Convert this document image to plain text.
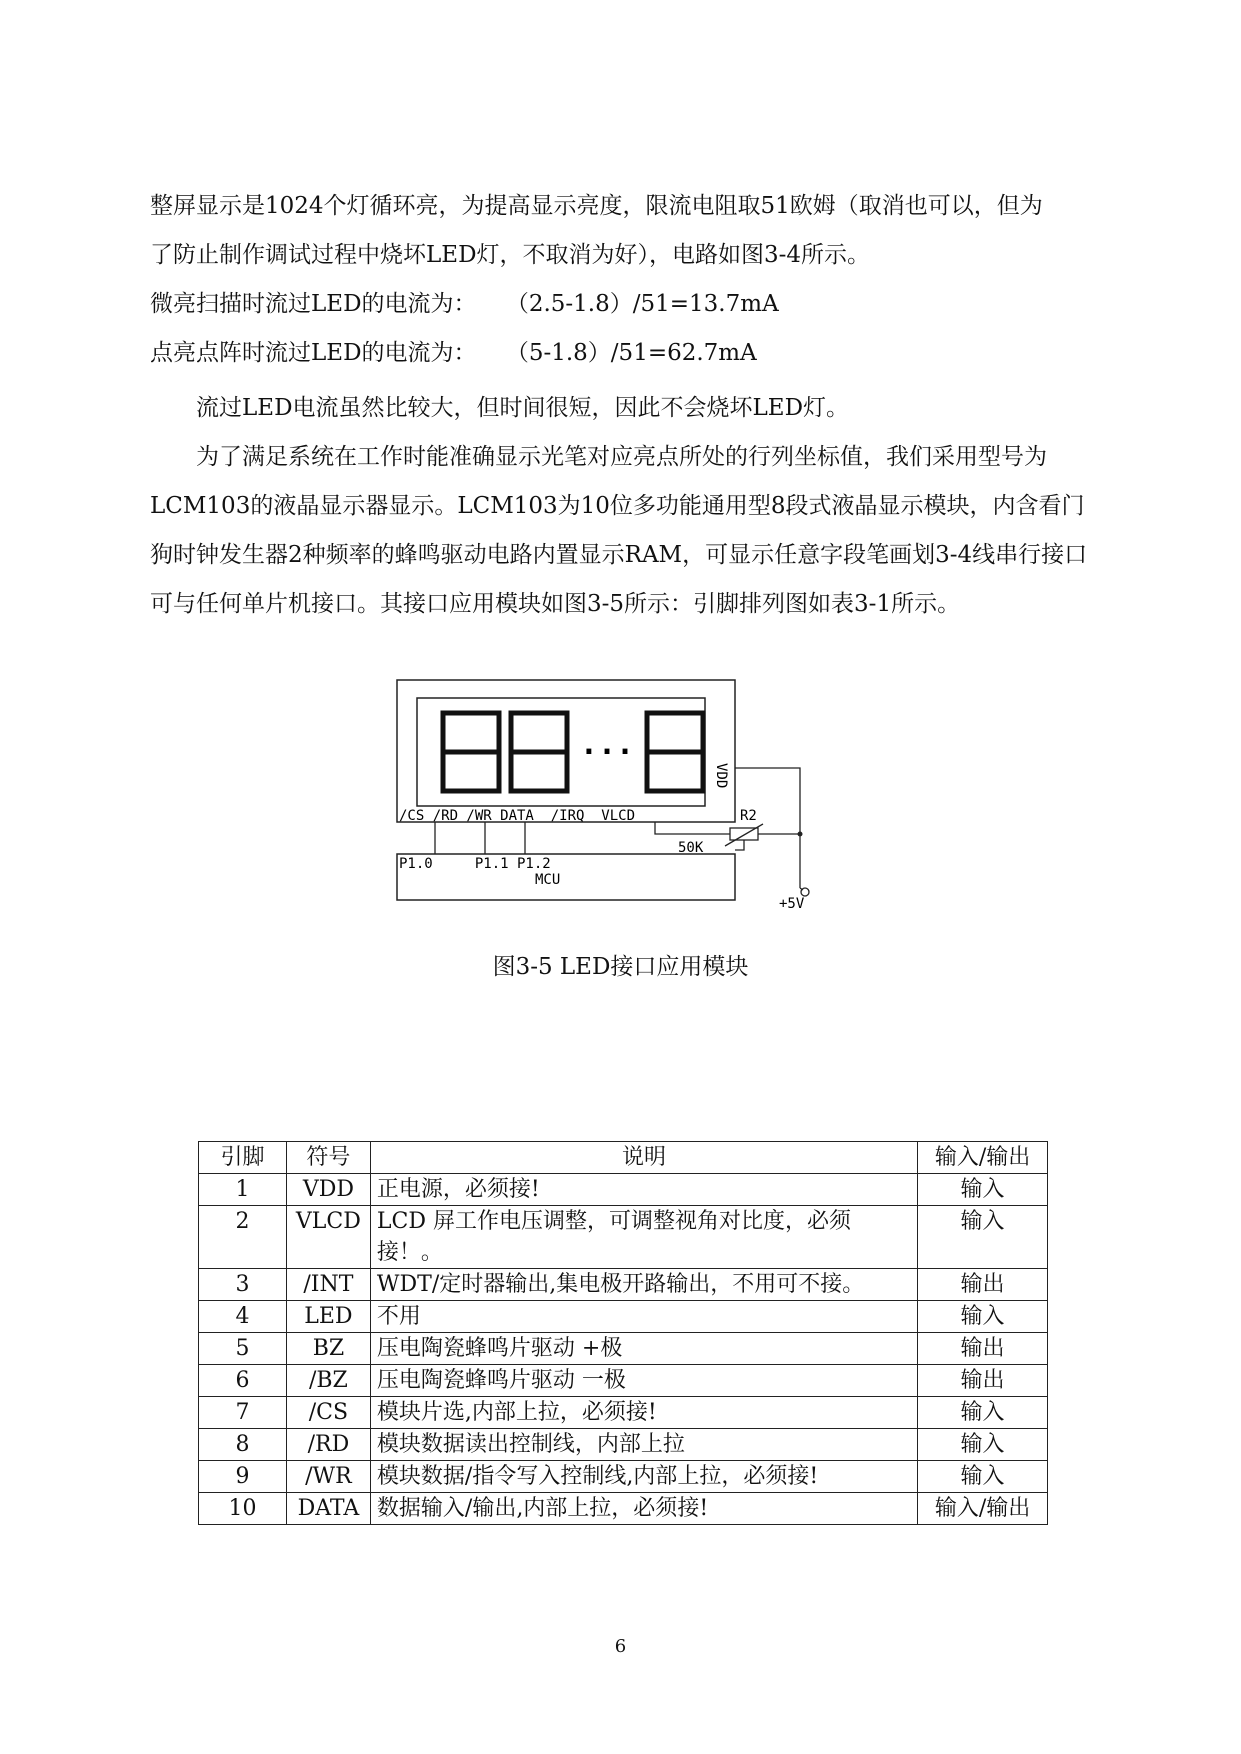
整屏显示是1024个灯循环亮，为提高显示亮度，限流电阻取51欧姆（取消也可以，但为
了防止制作调试过程中烧坏LED灯，不取消为好），电路如图3-4所示。
微亮扫描时流过LED的电流为： （2.5-1.8）/51=13.7mA
点亮点阵时流过LED的电流为： （5-1.8）/51=62.7mA

流过LED电流虽然比较大，但时间很短，因此不会烧坏LED灯。

为了满足系统在工作时能准确显示光笔对应亮点所处的行列坐标值，我们采用型号为LCM103的液晶显示器显示。LCM103为10位多功能通用型8段式液晶显示模块，内含看门狗时钟发生器2种频率的蜂鸣驱动电路内置显示RAM，可显示任意字段笔画划3-4线串行接口可与任何单片机接口。其接口应用模块如图3-5所示：引脚排列图如表3-1所示。

···
VDD
/CS /RD /WR DATA  /IRQ  VLCD	R2
50K
P1.0     P1.1 P1.2
MCU
+5V
图3-5 LED接口应用模块
引脚	符号	说明	输入/输出
1	VDD	正电源，必须接!	输入
2	VLCD	LCD 屏工作电压调整，可调整视角对比度，必须接！。	输入
3	/INT	WDT/定时器输出,集电极开路输出，不用可不接。	输出
4	LED	不用	输入
5	BZ	压电陶瓷蜂鸣片驱动 +极	输出
6	/BZ	压电陶瓷蜂鸣片驱动 一极	输出
7	/CS	模块片选,内部上拉，必须接!	输入
8	/RD	模块数据读出控制线，内部上拉	输入
9	/WR	模块数据/指令写入控制线,内部上拉，必须接!	输入
10	DATA	数据输入/输出,内部上拉，必须接!	输入/输出
6
